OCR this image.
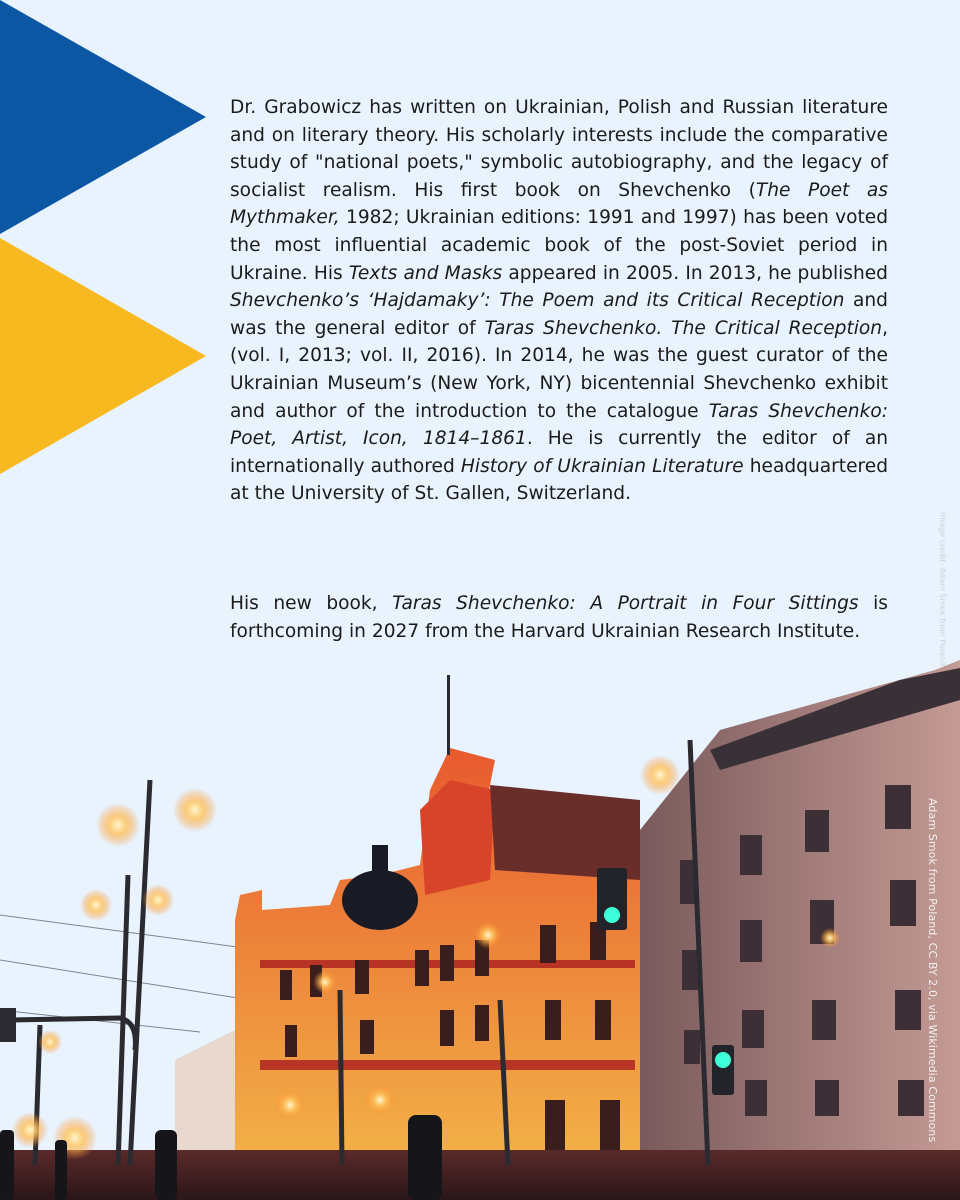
Dr. Grabowicz has written on Ukrainian, Polish and Russian literature and on literary theory. His scholarly interests include the comparative study of "national poets," symbolic autobiography, and the legacy of socialist realism. His first book on Shevchenko (The Poet as Mythmaker, 1982; Ukrainian editions: 1991 and 1997) has been voted the most influential academic book of the post-Soviet period in Ukraine. His Texts and Masks appeared in 2005. In 2013, he published Shevchenko’s ‘Hajdamaky’: The Poem and its Critical Reception and was the general editor of Taras Shevchenko. The Critical Reception, (vol. I, 2013; vol. II, 2016). In 2014, he was the guest curator of the Ukrainian Museum’s (New York, NY) bicentennial Shevchenko exhibit and author of the introduction to the catalogue Taras Shevchenko: Poet, Artist, Icon, 1814–1861. He is currently the editor of an internationally authored History of Ukrainian Literature headquartered at the University of St. Gallen, Switzerland.

His new book, Taras Shevchenko: A Portrait in Four Sittings is forthcoming in 2027 from the Harvard Ukrainian Research Institute.

Adam Smok from Poland, CC BY 2.0, via Wikimedia Commons
Image credit: Adam Smok from Poland
